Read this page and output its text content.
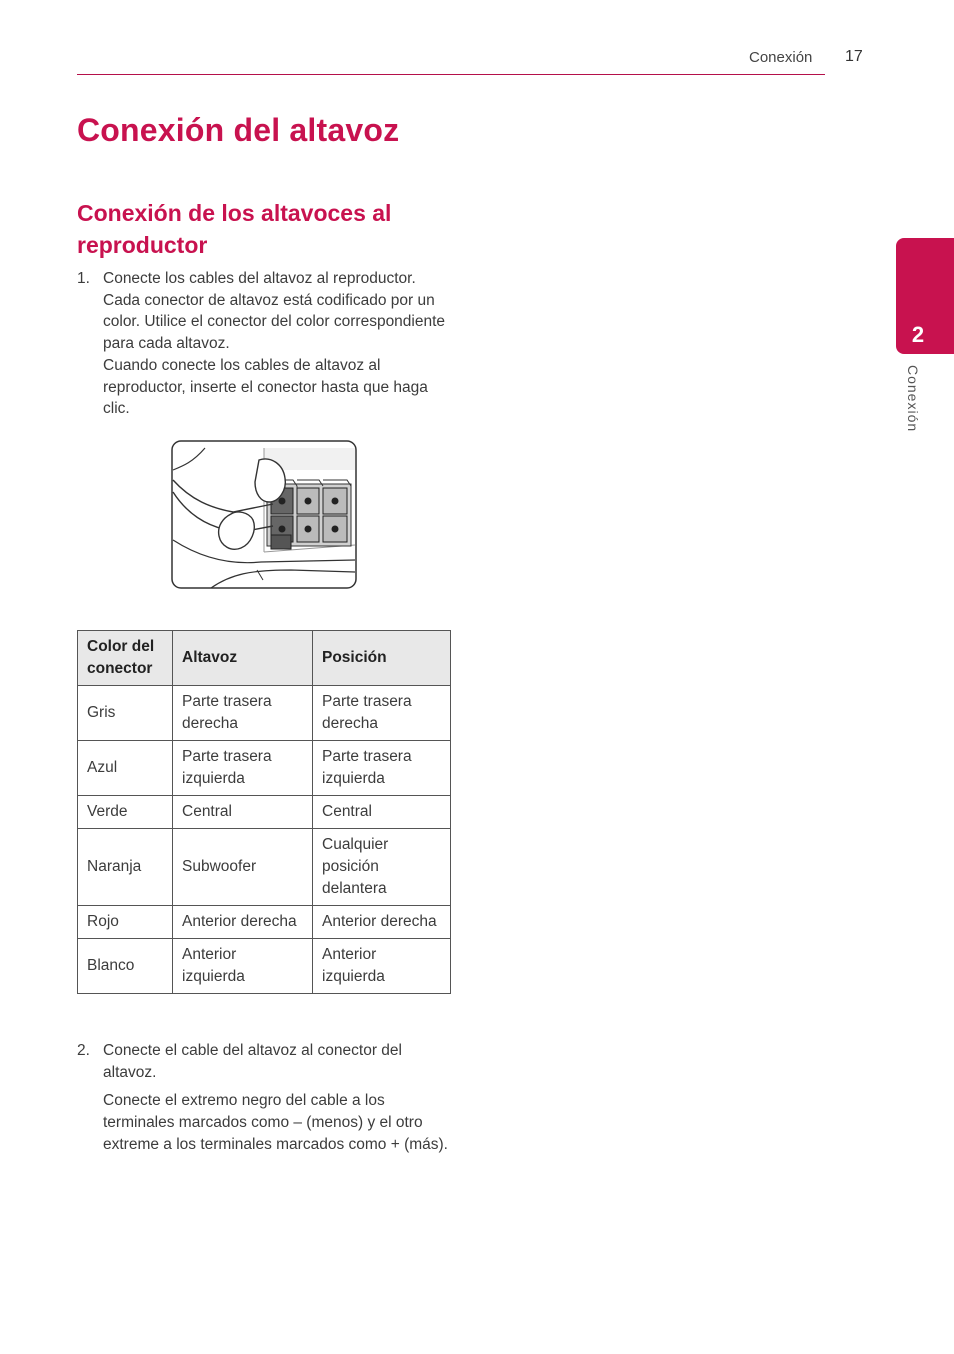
Conexión 17
Conexión del altavoz
Conexión de los altavoces al reproductor
1. Conecte los cables del altavoz al reproductor. Cada conector de altavoz está codificado por un color. Utilice el conector del color correspondiente para cada altavoz.

Cuando conecte los cables de altavoz al reproductor, inserte el conector hasta que haga clic.

Color del conector	Altavoz	Posición
Gris	Parte trasera derecha	Parte trasera derecha
Azul	Parte trasera izquierda	Parte trasera izquierda
Verde	Central	Central
Naranja	Subwoofer	Cualquier posición delantera
Rojo	Anterior derecha	Anterior derecha
Blanco	Anterior izquierda	Anterior izquierda
2. Conecte el cable del altavoz al conector del altavoz.

Conecte el extremo negro del cable a los terminales marcados como – (menos) y el otro extreme a los terminales marcados como + (más).

2
Conexión
